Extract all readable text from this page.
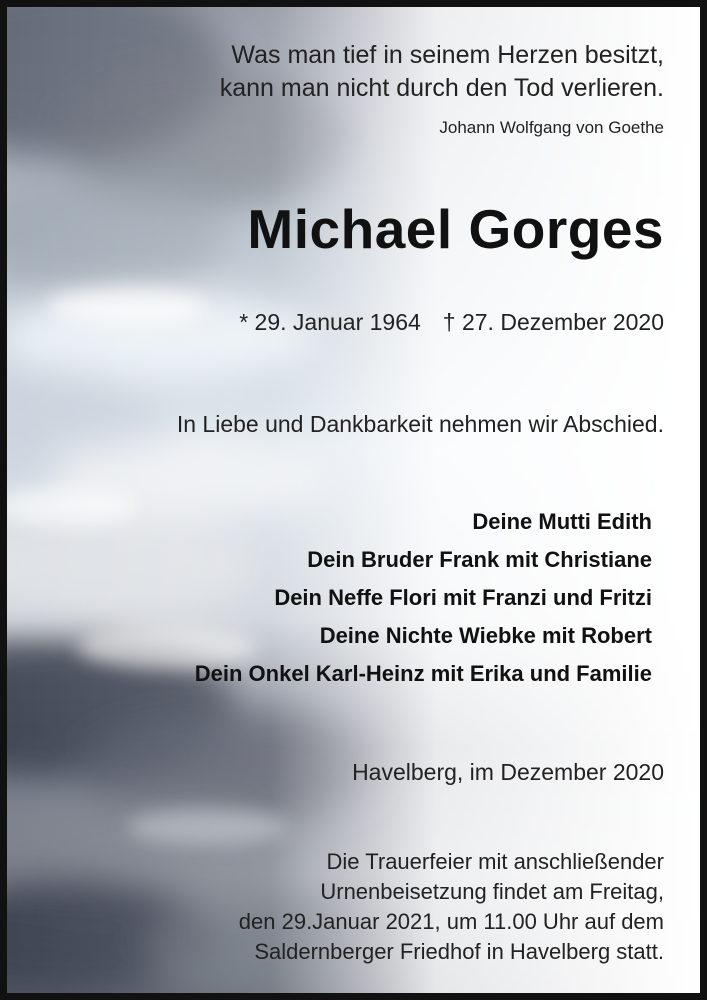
Was man tief in seinem Herzen besitzt,
kann man nicht durch den Tod verlieren.

Johann Wolfgang von Goethe

Michael Gorges

* 29. Januar 1964 † 27. Dezember 2020

In Liebe und Dankbarkeit nehmen wir Abschied.

Deine Mutti Edith
Dein Bruder Frank mit Christiane
Dein Neffe Flori mit Franzi und Fritzi
Deine Nichte Wiebke mit Robert
Dein Onkel Karl-Heinz mit Erika und Familie

Havelberg, im Dezember 2020

Die Trauerfeier mit anschließender
Urnenbeisetzung findet am Freitag,
den 29.Januar 2021, um 11.00 Uhr auf dem
Saldernberger Friedhof in Havelberg statt.
